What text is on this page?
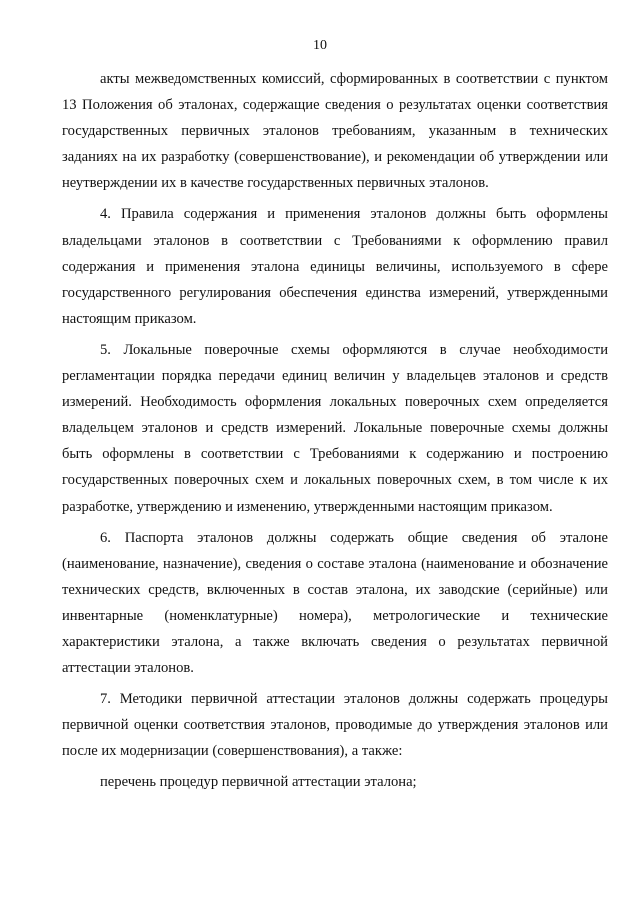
10

акты межведомственных комиссий, сформированных в соответствии с пунктом 13 Положения об эталонах, содержащие сведения о результатах оценки соответствия государственных первичных эталонов требованиям, указанным в технических заданиях на их разработку (совершенствование), и рекомендации об утверждении или неутверждении их в качестве государственных первичных эталонов.

4. Правила содержания и применения эталонов должны быть оформлены владельцами эталонов в соответствии с Требованиями к оформлению правил содержания и применения эталона единицы величины, используемого в сфере государственного регулирования обеспечения единства измерений, утвержденными настоящим приказом.

5. Локальные поверочные схемы оформляются в случае необходимости регламентации порядка передачи единиц величин у владельцев эталонов и средств измерений. Необходимость оформления локальных поверочных схем определяется владельцем эталонов и средств измерений. Локальные поверочные схемы должны быть оформлены в соответствии с Требованиями к содержанию и построению государственных поверочных схем и локальных поверочных схем, в том числе к их разработке, утверждению и изменению, утвержденными настоящим приказом.

6. Паспорта эталонов должны содержать общие сведения об эталоне (наименование, назначение), сведения о составе эталона (наименование и обозначение технических средств, включенных в состав эталона, их заводские (серийные) или инвентарные (номенклатурные) номера), метрологические и технические характеристики эталона, а также включать сведения о результатах первичной аттестации эталонов.

7. Методики первичной аттестации эталонов должны содержать процедуры первичной оценки соответствия эталонов, проводимые до утверждения эталонов или после их модернизации (совершенствования), а также:

перечень процедур первичной аттестации эталона;
